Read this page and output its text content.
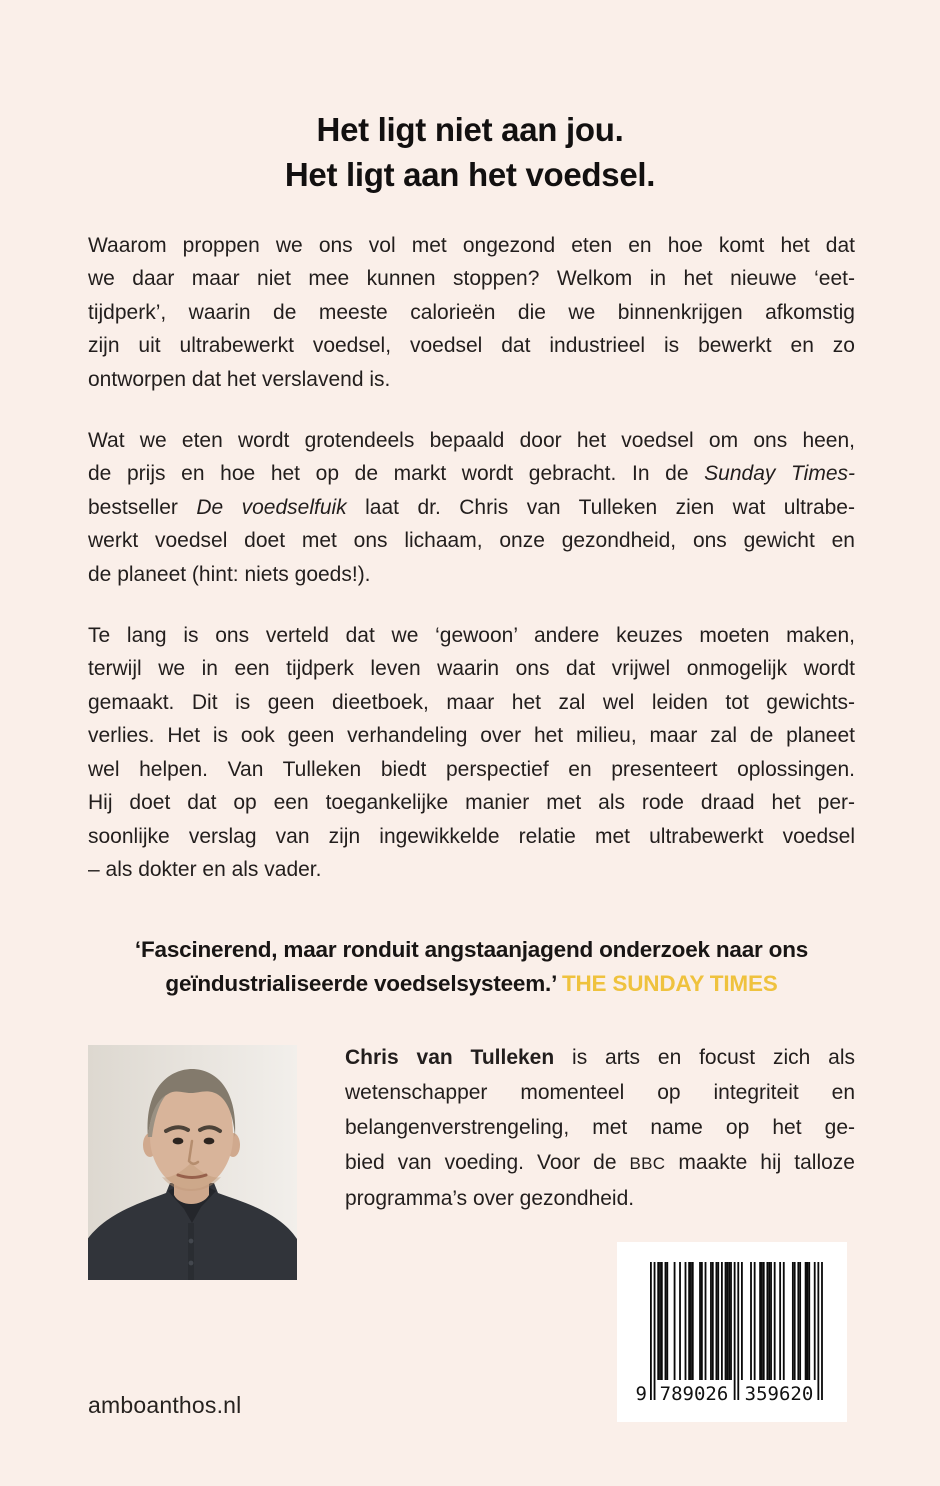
Het ligt niet aan jou.
Het ligt aan het voedsel.
Waarom proppen we ons vol met ongezond eten en hoe komt het dat
we daar maar niet mee kunnen stoppen? Welkom in het nieuwe ‘eet-
tijdperk’, waarin de meeste calorieën die we binnenkrijgen afkomstig
zijn uit ultrabewerkt voedsel, voedsel dat industrieel is bewerkt en zo
ontworpen dat het verslavend is.
Wat we eten wordt grotendeels bepaald door het voedsel om ons heen,
de prijs en hoe het op de markt wordt gebracht. In de Sunday Times-
bestseller De voedselfuik laat dr. Chris van Tulleken zien wat ultrabe-
werkt voedsel doet met ons lichaam, onze gezondheid, ons gewicht en
de planeet (hint: niets goeds!).
Te lang is ons verteld dat we ‘gewoon’ andere keuzes moeten maken,
terwijl we in een tijdperk leven waarin ons dat vrijwel onmogelijk wordt
gemaakt. Dit is geen dieetboek, maar het zal wel leiden tot gewichts-
verlies. Het is ook geen verhandeling over het milieu, maar zal de planeet
wel helpen. Van Tulleken biedt perspectief en presenteert oplossingen.
Hij doet dat op een toegankelijke manier met als rode draad het per-
soonlijke verslag van zijn ingewikkelde relatie met ultrabewerkt voedsel
– als dokter en als vader.
‘Fascinerend, maar ronduit angstaanjagend onderzoek naar ons
geïndustrialiseerde voedselsysteem.’ THE SUNDAY TIMES
Chris van Tulleken is arts en focust zich als
wetenschapper momenteel op integriteit en
belangenverstrengeling, met name op het ge-
bied van voeding. Voor de BBC maakte hij talloze
programma’s over gezondheid.
9 789026 359620
amboanthos.nl
